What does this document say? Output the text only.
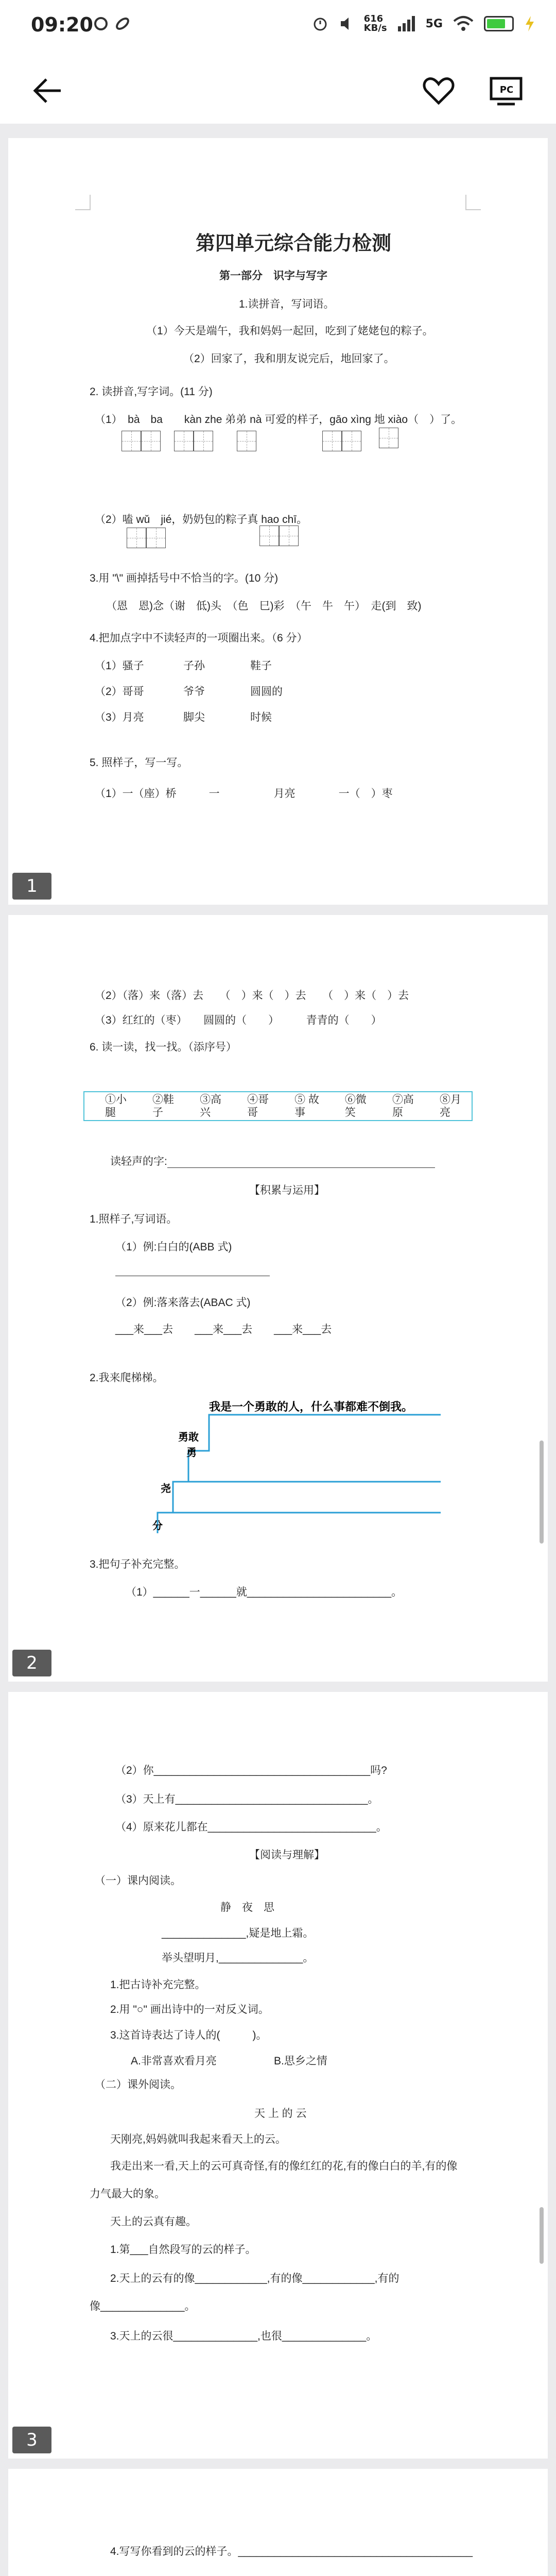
09:20	616
KB/s	5G
PC
第四单元综合能力检测
第一部分　识字与写字
1.读拼音，写词语。
（1）今天是端午，我和妈妈一起回，吃到了姥姥包的粽子。
（2）回家了，我和朋友说完后，地回家了。
2. 读拼音,写字词。(11 分)
（1）　bà　ba　　kàn zhe 弟弟 nà 可爱的样子，gāo xìng 地 xiào（　）了。
（2）嗑 wǔ　jié，奶奶包的粽子真 hao chī。
3.用 "\" 画掉括号中不恰当的字。(10 分)
（恩　恩)念（谢　低)头　（色　巳)彩　（午　牛　午）　走(到　致)
4.把加点字中不读轻声的一项圈出来。（6 分）
（1）骚子	子孙	鞋子
（2）哥哥	爷爷	圆圆的
（3）月亮	脚尖	时候
5. 照样子，写一写。
（1）一（座）桥　　　一　　　　　月亮　　　　一（　）枣
1
（2）（落）来（落）去　　（　）来（　）去　　（　）来（　）去
（3）红红的（枣）　　圆圆的（　　）　　　青青的（　　）
6. 读一读，找一找。（添序号）
①小腿
②鞋子
③高兴
④哥哥
⑤ 故事
⑥微笑
⑦高原
⑧月亮
读轻声的字:
【积累与运用】
1.照样子,写词语。
（1）例:白白的(ABB 式)
（2）例:落来落去(ABAC 式)
___来___去　　___来___去　　___来___去
2.我来爬梯梯。
我是一个勇敢的人，什么事都难不倒我。
勇敢
勇
尧
分
3.把句子补充完整。
（1）______一______就________________________。
2
（2）你____________________________________吗?
（3）天上有________________________________。
（4）原来花儿都在____________________________。
【阅读与理解】
（一）课内阅读。
静　夜　思
______________,疑是地上霜。
举头望明月,______________。
1.把古诗补充完整。
2.用 "○" 画出诗中的一对反义词。
3.这首诗表达了诗人的(　　　)。
A.非常喜欢看月亮	B.思乡之情
（二）课外阅读。
天 上 的 云
天刚亮,妈妈就叫我起来看天上的云。
我走出来一看,天上的云可真奇怪,有的像红红的花,有的像白白的羊,有的像
力气最大的象。
天上的云真有趣。
1.第___自然段写的云的样子。
2.天上的云有的像____________,有的像____________,有的
像______________。
3.天上的云很______________,也很______________。
3
4.写写你看到的云的样子。_______________________________________
